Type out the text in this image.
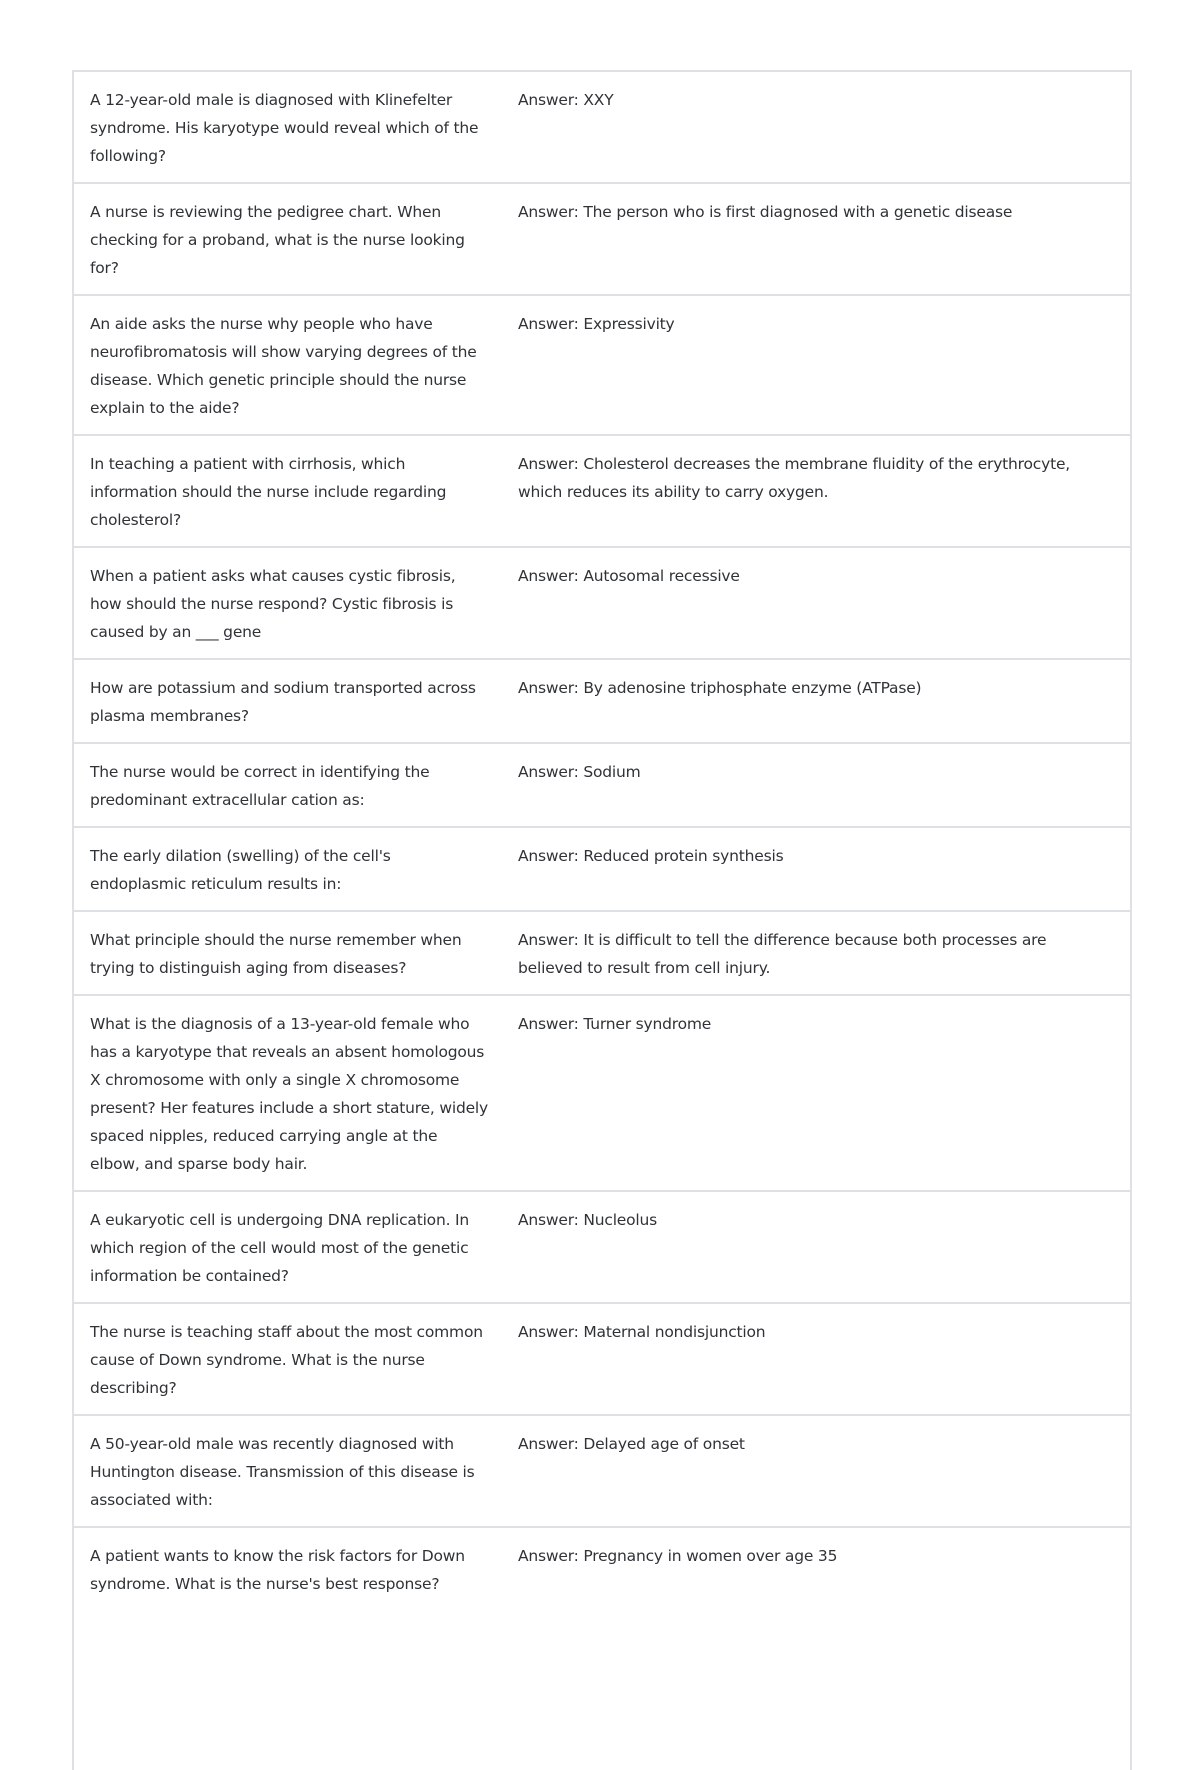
A 12-year-old male is diagnosed with Klinefelter syndrome. His karyotype would reveal which of the following?
Answer: XXY
A nurse is reviewing the pedigree chart. When checking for a proband, what is the nurse looking for?
Answer: The person who is first diagnosed with a genetic disease
An aide asks the nurse why people who have neurofibromatosis will show varying degrees of the disease. Which genetic principle should the nurse explain to the aide?
Answer: Expressivity
In teaching a patient with cirrhosis, which information should the nurse include regarding cholesterol?
Answer: Cholesterol decreases the membrane fluidity of the erythrocyte, which reduces its ability to carry oxygen.
When a patient asks what causes cystic fibrosis, how should the nurse respond? Cystic fibrosis is caused by an ___ gene
Answer: Autosomal recessive
How are potassium and sodium transported across plasma membranes?
Answer: By adenosine triphosphate enzyme (ATPase)
The nurse would be correct in identifying the predominant extracellular cation as:
Answer: Sodium
The early dilation (swelling) of the cell's endoplasmic reticulum results in:
Answer: Reduced protein synthesis
What principle should the nurse remember when trying to distinguish aging from diseases?
Answer: It is difficult to tell the difference because both processes are believed to result from cell injury.
What is the diagnosis of a 13-year-old female who has a karyotype that reveals an absent homologous X chromosome with only a single X chromosome present? Her features include a short stature, widely spaced nipples, reduced carrying angle at the elbow, and sparse body hair.
Answer: Turner syndrome
A eukaryotic cell is undergoing DNA replication. In which region of the cell would most of the genetic information be contained?
Answer: Nucleolus
The nurse is teaching staff about the most common cause of Down syndrome. What is the nurse describing?
Answer: Maternal nondisjunction
A 50-year-old male was recently diagnosed with Huntington disease. Transmission of this disease is associated with:
Answer: Delayed age of onset
A patient wants to know the risk factors for Down syndrome. What is the nurse's best response?
Answer: Pregnancy in women over age 35
